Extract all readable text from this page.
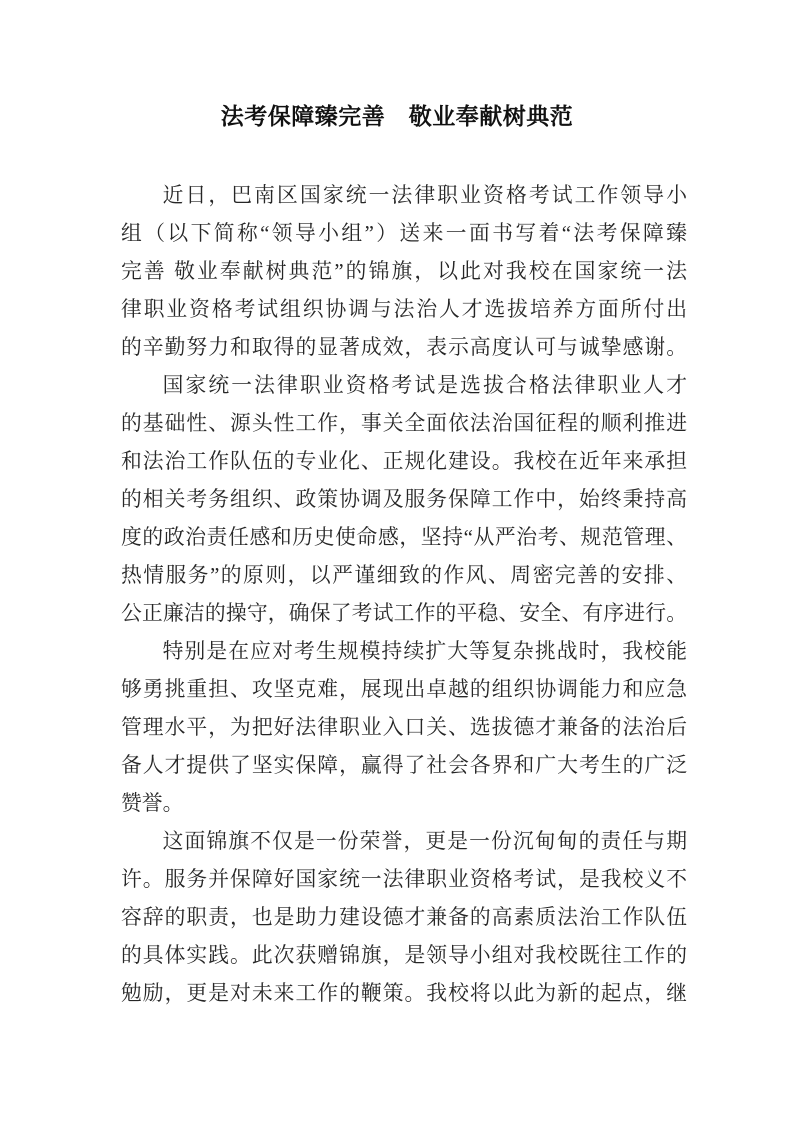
法考保障臻完善　敬业奉献树典范

近日，巴南区国家统一法律职业资格考试工作领导小

组（以下简称“领导小组”）送来一面书写着“法考保障臻

完善 敬业奉献树典范”的锦旗，以此对我校在国家统一法

律职业资格考试组织协调与法治人才选拔培养方面所付出

的辛勤努力和取得的显著成效，表示高度认可与诚挚感谢。

国家统一法律职业资格考试是选拔合格法律职业人才

的基础性、源头性工作，事关全面依法治国征程的顺利推进

和法治工作队伍的专业化、正规化建设。我校在近年来承担

的相关考务组织、政策协调及服务保障工作中，始终秉持高

度的政治责任感和历史使命感，坚持“从严治考、规范管理、

热情服务”的原则，以严谨细致的作风、周密完善的安排、

公正廉洁的操守，确保了考试工作的平稳、安全、有序进行。

特别是在应对考生规模持续扩大等复杂挑战时，我校能

够勇挑重担、攻坚克难，展现出卓越的组织协调能力和应急

管理水平，为把好法律职业入口关、选拔德才兼备的法治后

备人才提供了坚实保障，赢得了社会各界和广大考生的广泛

赞誉。

这面锦旗不仅是一份荣誉，更是一份沉甸甸的责任与期

许。服务并保障好国家统一法律职业资格考试，是我校义不

容辞的职责，也是助力建设德才兼备的高素质法治工作队伍

的具体实践。此次获赠锦旗，是领导小组对我校既往工作的

勉励，更是对未来工作的鞭策。我校将以此为新的起点，继
